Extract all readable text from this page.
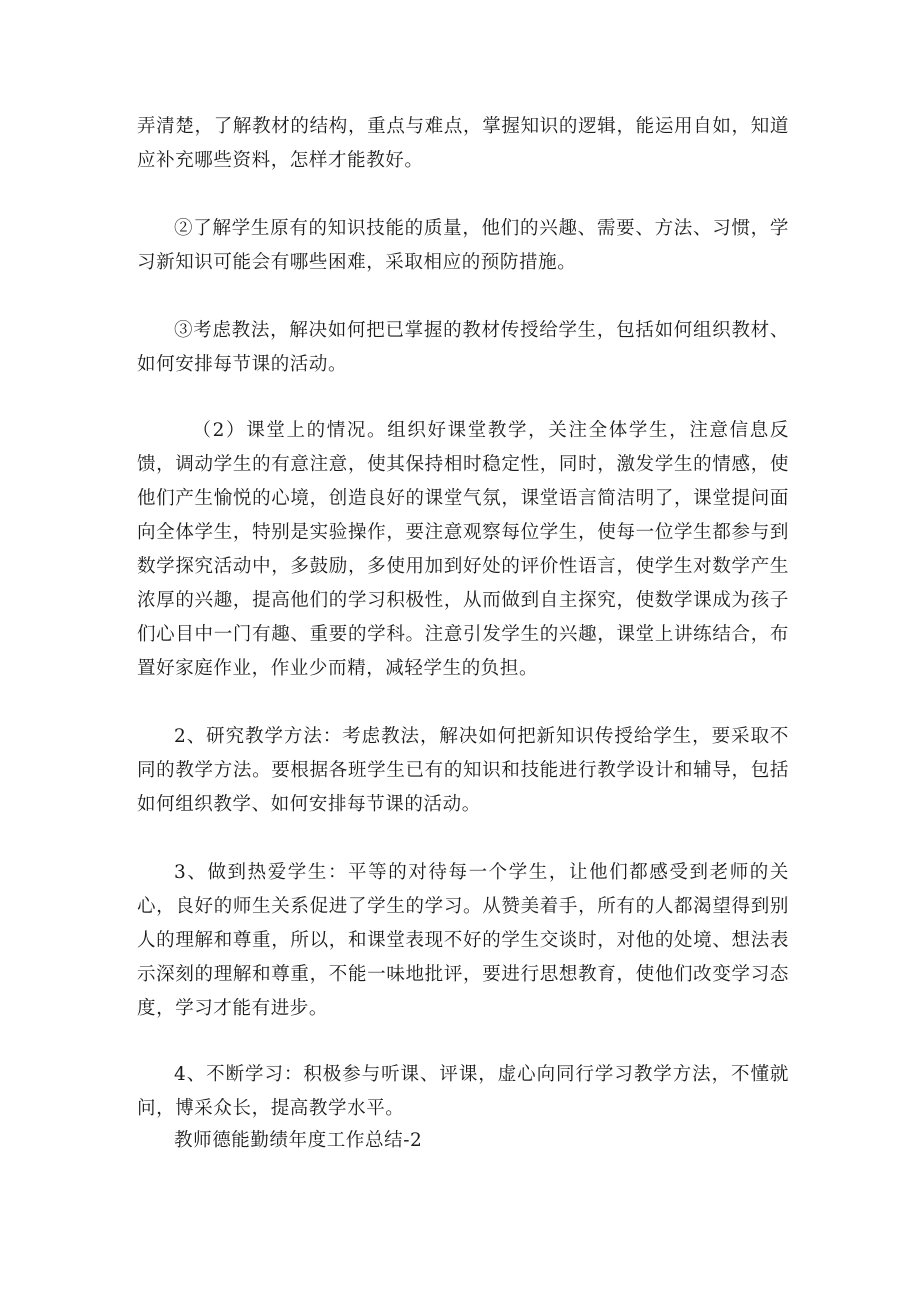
弄清楚，了解教材的结构，重点与难点，掌握知识的逻辑，能运用自如，知道应补充哪些资料，怎样才能教好。

②了解学生原有的知识技能的质量，他们的兴趣、需要、方法、习惯，学习新知识可能会有哪些困难，采取相应的预防措施。

③考虑教法，解决如何把已掌握的教材传授给学生，包括如何组织教材、如何安排每节课的活动。

（2）课堂上的情况。组织好课堂教学，关注全体学生，注意信息反馈，调动学生的有意注意，使其保持相时稳定性，同时，激发学生的情感，使他们产生愉悦的心境，创造良好的课堂气氛，课堂语言简洁明了，课堂提问面向全体学生，特别是实验操作，要注意观察每位学生，使每一位学生都参与到数学探究活动中，多鼓励，多使用加到好处的评价性语言，使学生对数学产生浓厚的兴趣，提高他们的学习积极性，从而做到自主探究，使数学课成为孩子们心目中一门有趣、重要的学科。注意引发学生的兴趣，课堂上讲练结合，布置好家庭作业，作业少而精，减轻学生的负担。

2、研究教学方法：考虑教法，解决如何把新知识传授给学生，要采取不同的教学方法。要根据各班学生已有的知识和技能进行教学设计和辅导，包括如何组织教学、如何安排每节课的活动。

3、做到热爱学生：平等的对待每一个学生，让他们都感受到老师的关心，良好的师生关系促进了学生的学习。从赞美着手，所有的人都渴望得到别人的理解和尊重，所以，和课堂表现不好的学生交谈时，对他的处境、想法表示深刻的理解和尊重，不能一味地批评，要进行思想教育，使他们改变学习态度，学习才能有进步。

4、不断学习：积极参与听课、评课，虚心向同行学习教学方法，不懂就问，博采众长，提高教学水平。

教师德能勤绩年度工作总结-2
